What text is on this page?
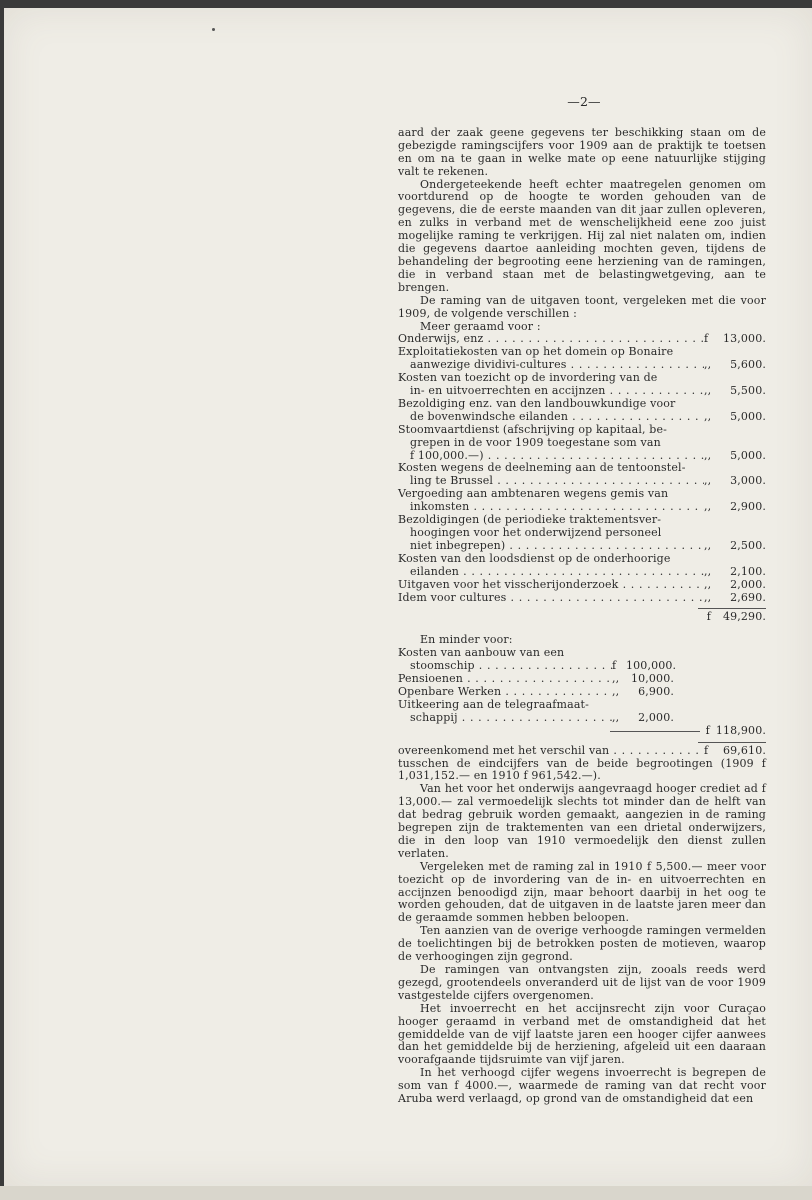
—2—

aard der zaak geene gegevens ter beschikking staan om de gebezigde ramingscijfers voor 1909 aan de praktijk te toetsen en om na te gaan in welke mate op eene natuurlijke stijging valt te rekenen.

Ondergeteekende heeft echter maatregelen genomen om voortdurend op de hoogte te worden gehouden van de gegevens, die de eerste maanden van dit jaar zullen opleveren, en zulks in verband met de wenschelijkheid eene zoo juist mogelijke raming te verkrijgen. Hij zal niet nalaten om, indien die gegevens daartoe aanleiding mochten geven, tijdens de behandeling der begrooting eene herziening van de ramingen, die in verband staan met de belastingwetgeving, aan te brengen.

De raming van de uitgaven toont, vergeleken met die voor 1909, de volgende verschillen :

Meer geraamd voor :
Onderwijs, enz . . .	f	13,000.
Exploitatiekosten van op het domein op Bonaire
aanwezige dividivi-cultures . . .	,,	5,600.
Kosten van toezicht op de invordering van de
in- en uitvoerrechten en accijnzen . . .	,,	5,500.
Bezoldiging enz. van den landbouwkundige voor
de bovenwindsche eilanden . . .	,,	5,000.
Stoomvaartdienst (afschrijving op kapitaal, be-
grepen in de voor 1909 toegestane som van
f 100,000.—) . . .	,,	5,000.
Kosten wegens de deelneming aan de tentoonstel-
ling te Brussel . . .	,,	3,000.
Vergoeding aan ambtenaren wegens gemis van
inkomsten . . .	,,	2,900.
Bezoldigingen (de periodieke traktementsver-
hoogingen voor het onderwijzend personeel
niet inbegrepen) . . .	,,	2,500.
Kosten van den loodsdienst op de onderhoorige
eilanden . . .	,,	2,100.
Uitgaven voor het visscherijonderzoek . . .	,,	2,000.
Idem voor cultures . . .	,,	2,690.
f 49,290.
En minder voor:
Kosten van aanbouw van een
stoomschip . . .	f 100,000.
Pensioenen . . .	,,	10,000.
Openbare Werken . . .	,,	6,900.
Uitkeering aan de telegraafmaat-
schappij . . .	,,	2,000.
f 118,900.
overeenkomend met het verschil van . . .	f	69,610.

tusschen de eindcijfers van de beide begrootingen (1909 f 1,031,152.— en 1910 f 961,542.—).

Van het voor het onderwijs aangevraagd hooger crediet ad f 13,000.— zal vermoedelijk slechts tot minder dan de helft van dat bedrag gebruik worden gemaakt, aangezien in de raming begrepen zijn de traktementen van een drietal onderwijzers, die in den loop van 1910 vermoedelijk den dienst zullen verlaten.

Vergeleken met de raming zal in 1910 f 5,500.— meer voor toezicht op de invordering van de in- en uitvoerrechten en accijnzen benoodigd zijn, maar behoort daarbij in het oog te worden gehouden, dat de uitgaven in de laatste jaren meer dan de geraamde sommen hebben beloopen.

Ten aanzien van de overige verhoogde ramingen vermelden de toelichtingen bij de betrokken posten de motieven, waarop de verhoogingen zijn gegrond.

De ramingen van ontvangsten zijn, zooals reeds werd gezegd, grootendeels onveranderd uit de lijst van de voor 1909 vastgestelde cijfers overgenomen.

Het invoerrecht en het accijnsrecht zijn voor Curaçao hooger geraamd in verband met de omstandigheid dat het gemiddelde van de vijf laatste jaren een hooger cijfer aanwees dan het gemiddelde bij de herziening, afgeleid uit een daaraan voorafgaande tijdsruimte van vijf jaren.

In het verhoogd cijfer wegens invoerrecht is begrepen de som van f 4000.—, waarmede de raming van dat recht voor Aruba werd verlaagd, op grond van de omstandigheid dat een
